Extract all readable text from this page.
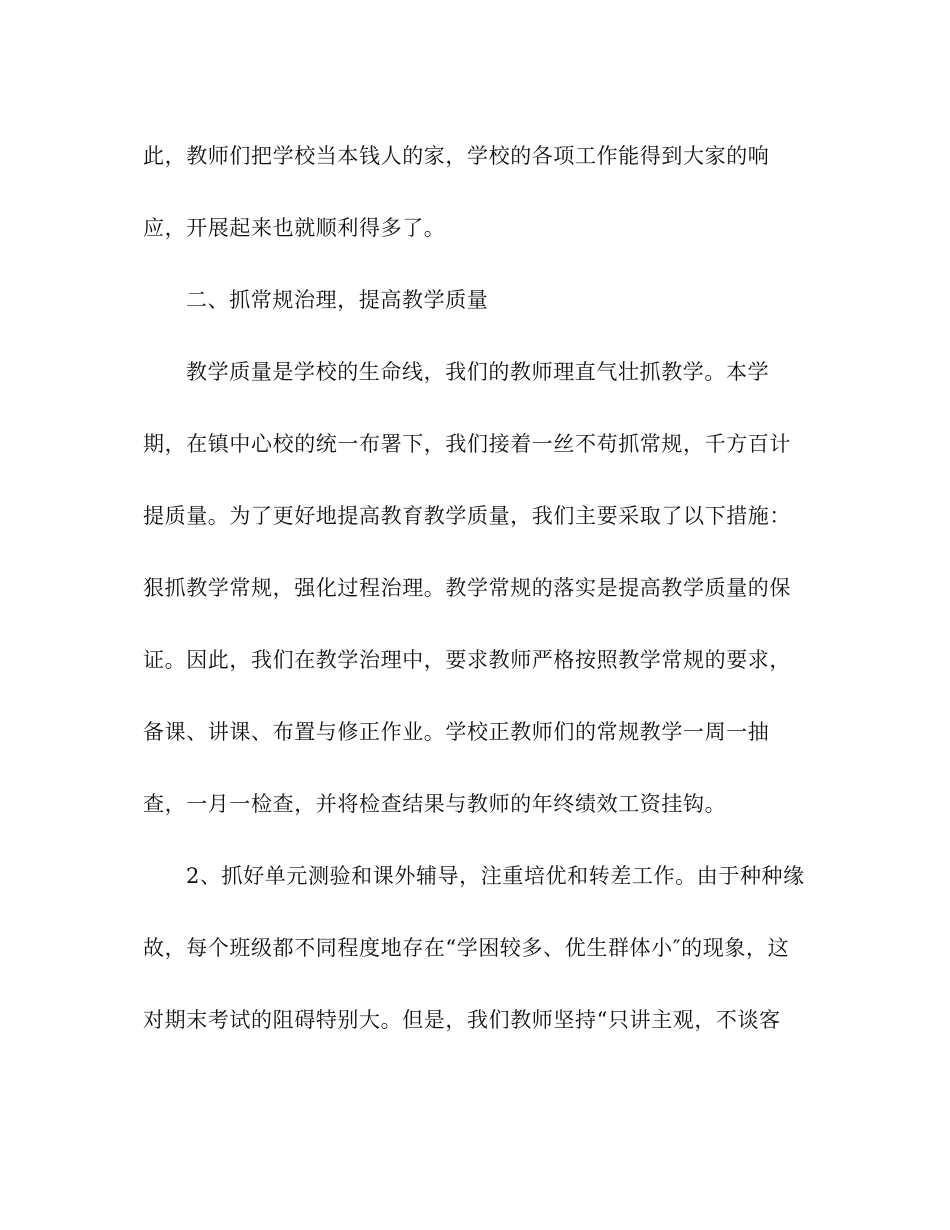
此，教师们把学校当本钱人的家，学校的各项工作能得到大家的响
应，开展起来也就顺利得多了。
二、抓常规治理，提高教学质量
教学质量是学校的生命线，我们的教师理直气壮抓教学。本学
期，在镇中心校的统一布署下，我们接着一丝不苟抓常规，千方百计
提质量。为了更好地提高教育教学质量，我们主要采取了以下措施：
狠抓教学常规，强化过程治理。教学常规的落实是提高教学质量的保
证。因此，我们在教学治理中，要求教师严格按照教学常规的要求，
备课、讲课、布置与修正作业。学校正教师们的常规教学一周一抽
查，一月一检查，并将检查结果与教师的年终绩效工资挂钩。
2、抓好单元测验和课外辅导，注重培优和转差工作。由于种种缘
故，每个班级都不同程度地存在“学困较多、优生群体小″的现象，这
对期末考试的阻碍特别大。但是，我们教师坚持“只讲主观，不谈客
